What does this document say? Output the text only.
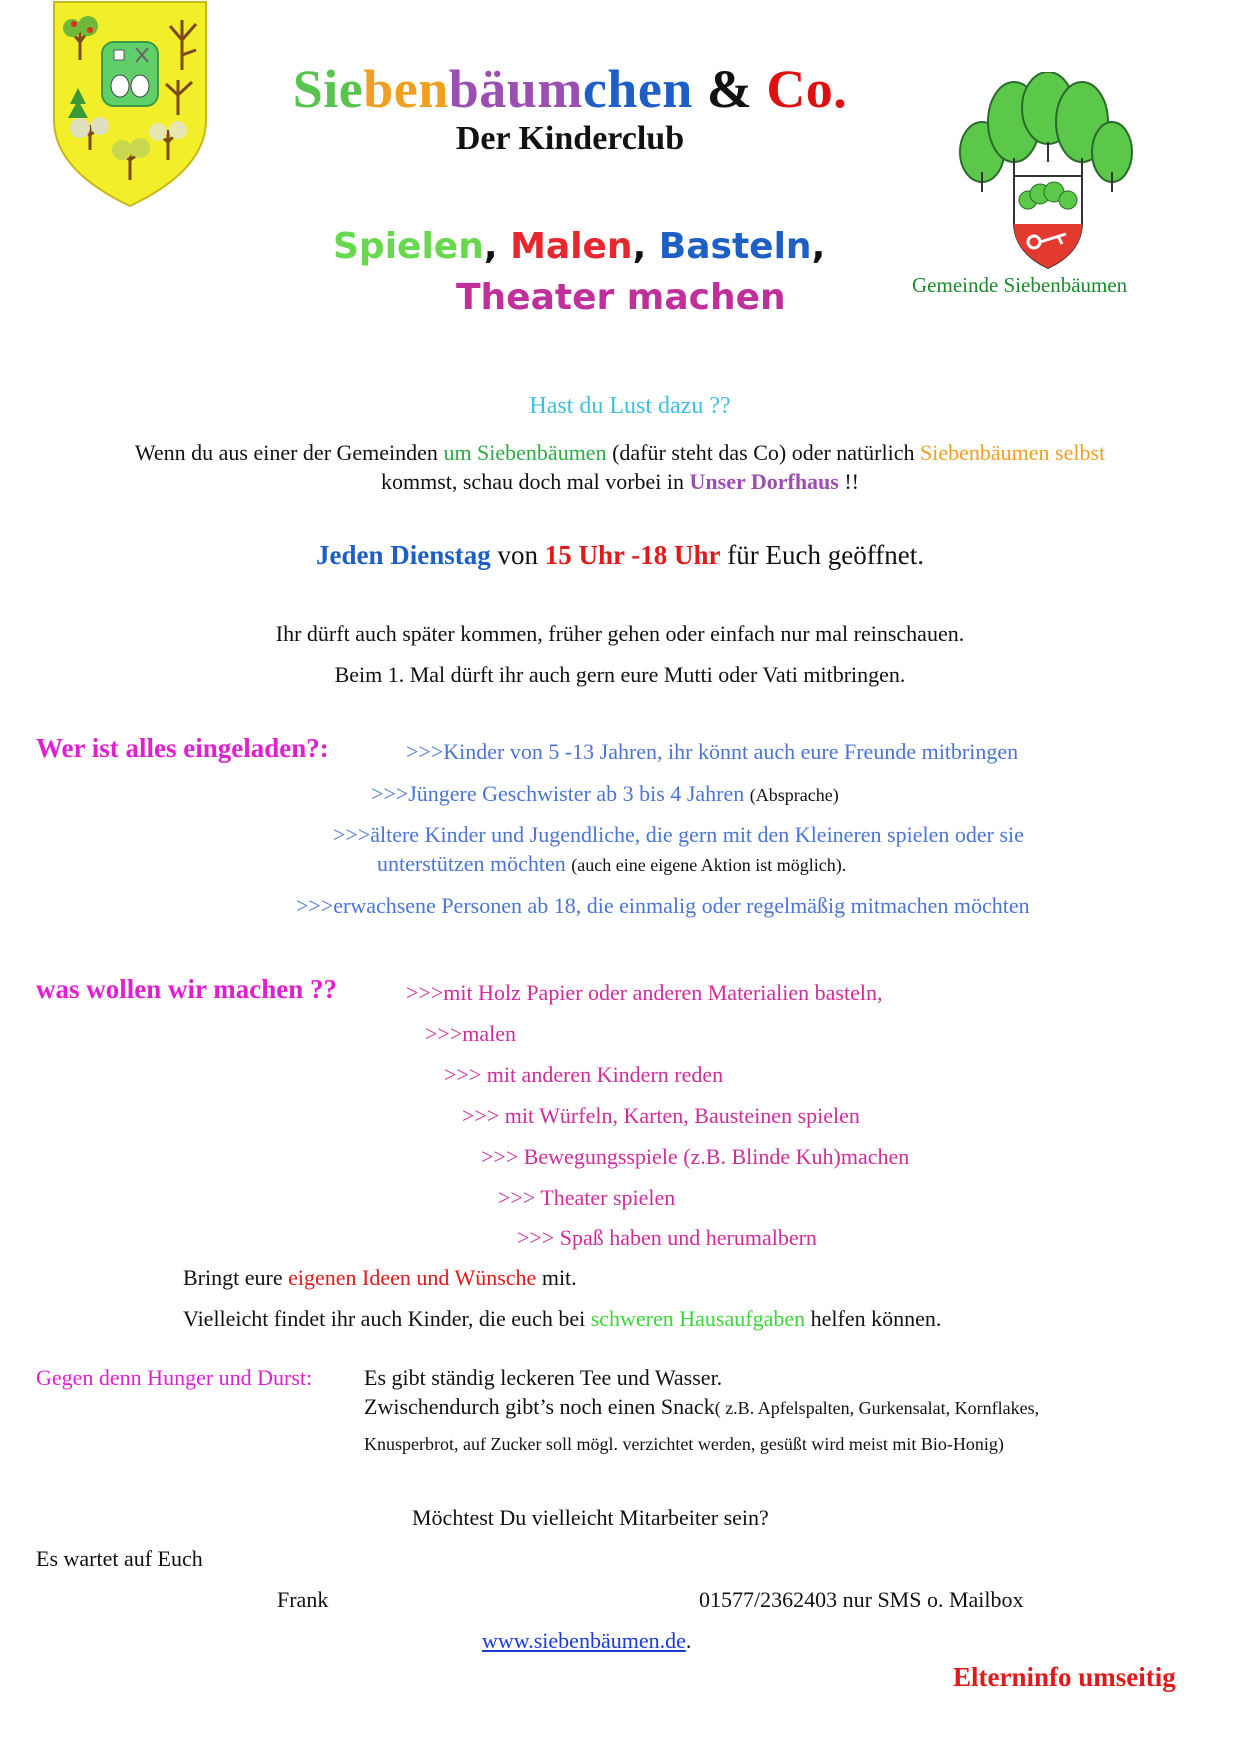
Siebenbäumchen & Co.
Der Kinderclub
Spielen, Malen, Basteln,
Theater machen	Gemeinde Siebenbäumen
Hast du Lust dazu ??
Wenn du aus einer der Gemeinden um Siebenbäumen (dafür steht das Co) oder natürlich Siebenbäumen selbst
kommst, schau doch mal vorbei in Unser Dorfhaus !!
Jeden Dienstag von 15 Uhr -18 Uhr für Euch geöffnet.
Ihr dürft auch später kommen, früher gehen oder einfach nur mal reinschauen.
Beim 1. Mal dürft ihr auch gern eure Mutti oder Vati mitbringen.
Wer ist alles eingeladen?:	>>>Kinder von 5 -13 Jahren, ihr könnt auch eure Freunde mitbringen
>>>Jüngere Geschwister ab 3 bis 4 Jahren (Absprache)
>>>ältere Kinder und Jugendliche, die gern mit den Kleineren spielen oder sie
unterstützen möchten (auch eine eigene Aktion ist möglich).
>>>erwachsene Personen ab 18, die einmalig oder regelmäßig mitmachen möchten
was wollen wir machen ??	>>>mit Holz Papier oder anderen Materialien basteln,
>>>malen
>>> mit anderen Kindern reden
>>> mit Würfeln, Karten, Bausteinen spielen
>>> Bewegungsspiele (z.B. Blinde Kuh)machen
>>> Theater spielen
>>> Spaß haben und herumalbern
Bringt eure eigenen Ideen und Wünsche mit.
Vielleicht findet ihr auch Kinder, die euch bei schweren Hausaufgaben helfen können.
Gegen denn Hunger und Durst: Es gibt ständig leckeren Tee und Wasser.
Zwischendurch gibt’s noch einen Snack( z.B. Apfelspalten, Gurkensalat, Kornflakes,
Knusperbrot, auf Zucker soll mögl. verzichtet werden, gesüßt wird meist mit Bio-Honig)
Möchtest Du vielleicht Mitarbeiter sein?
Es wartet auf Euch
Frank	01577/2362403 nur SMS o. Mailbox
www.siebenbäumen.de.
Elterninfo umseitig
